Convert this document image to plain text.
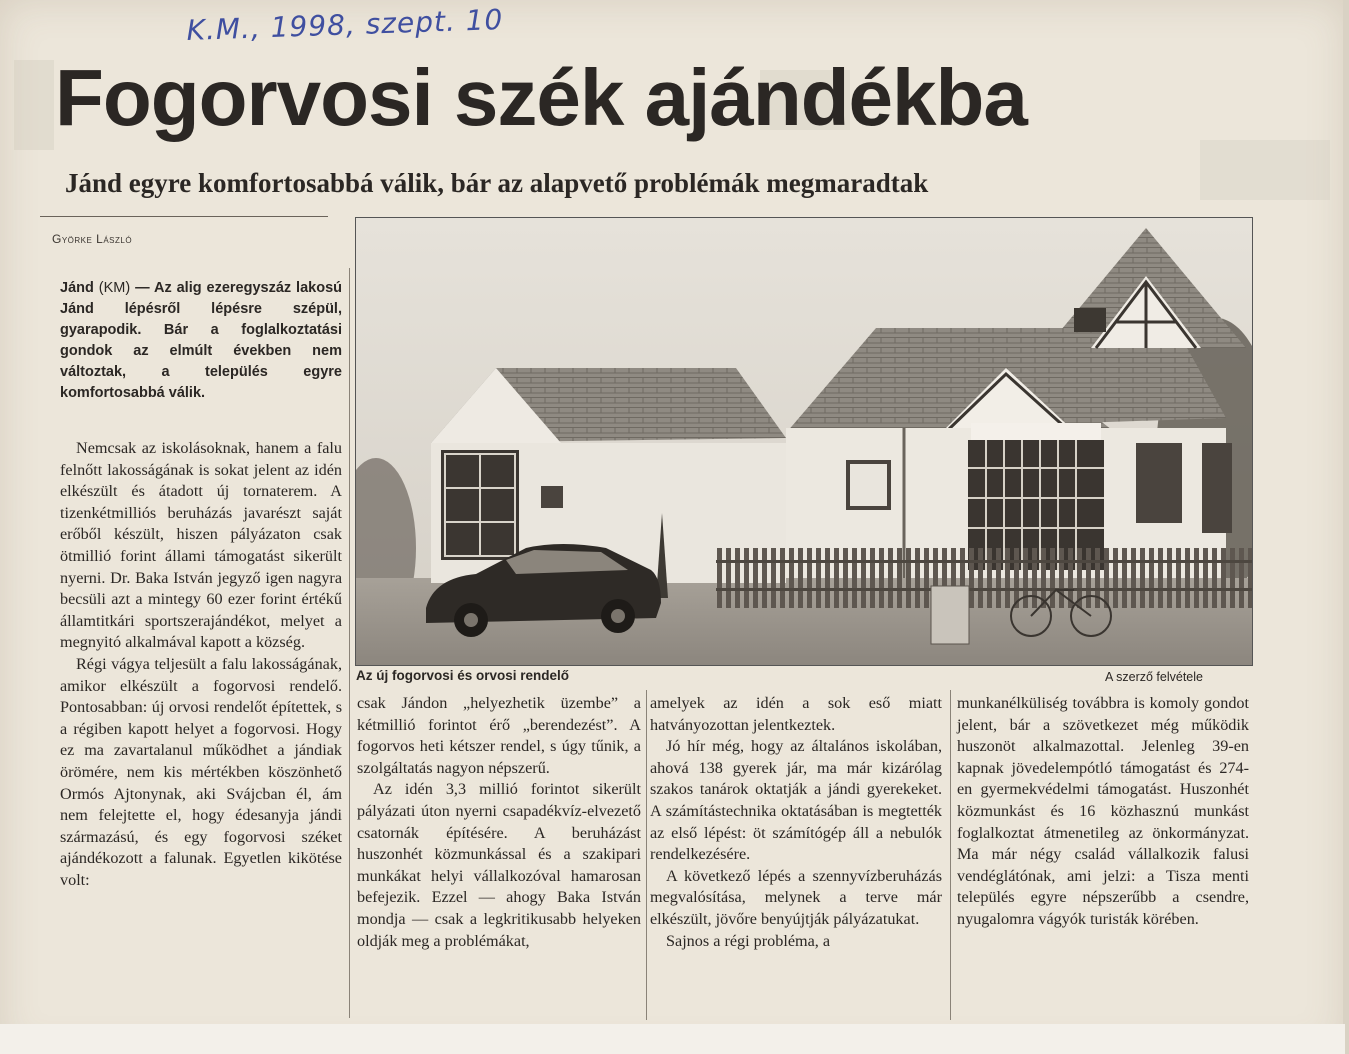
K.M., 1998, szept. 10
Fogorvosi szék ajándékba
Jánd egyre komfortosabbá válik, bár az alapvető problémák megmaradtak
Györke László

Jánd (KM) — Az alig ezeregyszáz lakosú Jánd lépésről lépésre szépül, gyarapodik. Bár a foglalkoztatási gondok az elmúlt években nem változtak, a település egyre komfortosabbá válik.

Az új fogorvosi és orvosi rendelő	A szerző felvétele

Nemcsak az iskolásoknak, hanem a falu felnőtt lakosságának is sokat jelent az idén elkészült és átadott új tornaterem. A tizenkétmilliós beruházás javarészt saját erőből készült, hiszen pályázaton csak ötmillió forint állami támogatást sikerült nyerni. Dr. Baka István jegyző igen nagyra becsüli azt a mintegy 60 ezer forint értékű államtitkári sportszerajándékot, melyet a megnyitó alkalmával kapott a község.

Régi vágya teljesült a falu lakosságának, amikor elkészült a fogorvosi rendelő. Pontosabban: új orvosi rendelőt építettek, s a régiben kapott helyet a fogorvosi. Hogy ez ma zavartalanul működhet a jándiak örömére, nem kis mértékben köszönhető Ormós Ajtonynak, aki Svájcban él, ám nem felejtette el, hogy édesanyja jándi származású, és egy fogorvosi széket ajándékozott a falunak. Egyetlen kikötése volt:

csak Jándon „helyezhetik üzembe” a kétmillió forintot érő „berendezést”. A fogorvos heti kétszer rendel, s úgy tűnik, a szolgáltatás nagyon népszerű.

Az idén 3,3 millió forintot sikerült pályázati úton nyerni csapadékvíz-elvezető csatornák építésére. A beruházást huszonhét közmunkással és a szakipari munkákat helyi vállalkozóval hamarosan befejezik. Ezzel — ahogy Baka István mondja — csak a legkritikusabb helyeken oldják meg a problémákat,

amelyek az idén a sok eső miatt hatványozottan jelentkeztek.

Jó hír még, hogy az általános iskolában, ahová 138 gyerek jár, ma már kizárólag szakos tanárok oktatják a jándi gyerekeket. A számítástechnika oktatásában is megtették az első lépést: öt számítógép áll a nebulók rendelkezésére.

A következő lépés a szennyvízberuházás megvalósítása, melynek a terve már elkészült, jövőre benyújtják pályázatukat.

Sajnos a régi probléma, a

munkanélküliség továbbra is komoly gondot jelent, bár a szövetkezet még működik huszonöt alkalmazottal. Jelenleg 39-en kapnak jövedelempótló támogatást és 274-en gyermekvédelmi támogatást. Huszonhét közmunkást és 16 közhasznú munkást foglalkoztat átmenetileg az önkormányzat. Ma már négy család vállalkozik falusi vendéglátónak, ami jelzi: a Tisza menti település egyre népszerűbb a csendre, nyugalomra vágyók turisták körében.
